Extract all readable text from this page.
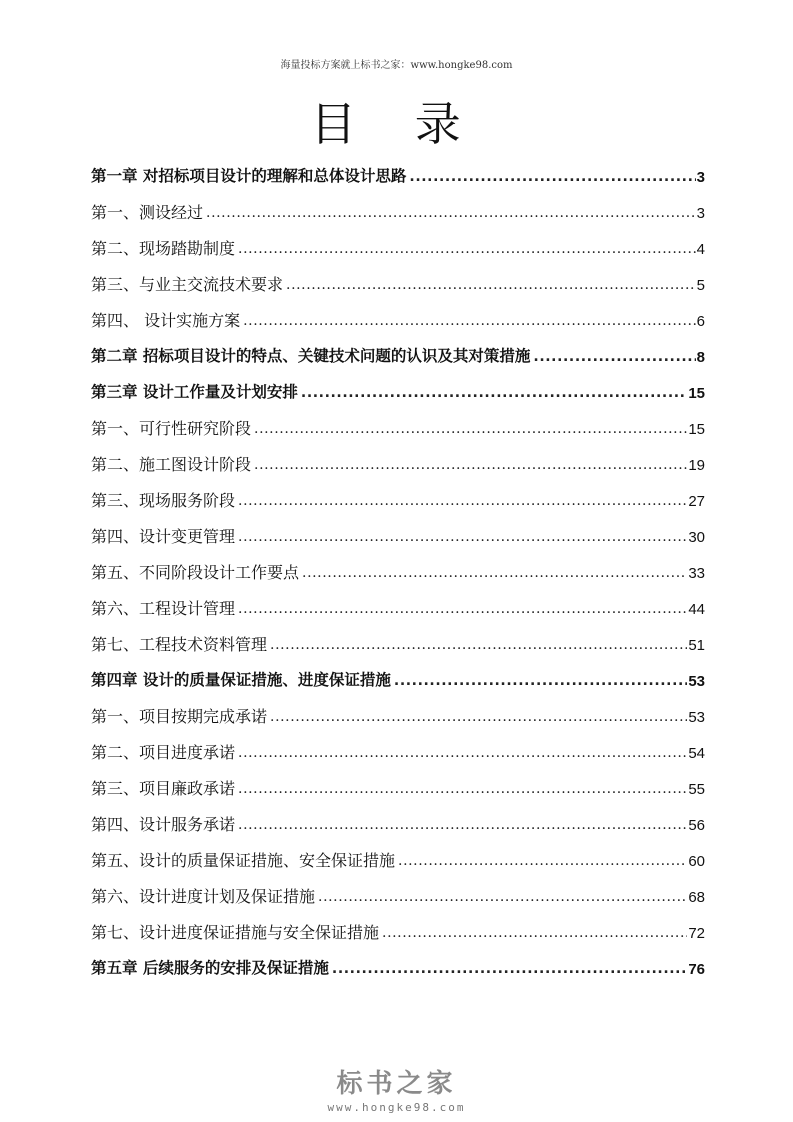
海量投标方案就上标书之家：www.hongke98.com
目 录
第一章 对招标项目设计的理解和总体设计思路 .....	3
第一、测设经过 .....	3
第二、现场踏勘制度 .....	4
第三、与业主交流技术要求 .....	5
第四、 设计实施方案 .....	6
第二章 招标项目设计的特点、关键技术问题的认识及其对策措施 .....	8
第三章 设计工作量及计划安排 .....	15
第一、可行性研究阶段 .....	15
第二、施工图设计阶段 .....	19
第三、现场服务阶段 .....	27
第四、设计变更管理 .....	30
第五、不同阶段设计工作要点 .....	33
第六、工程设计管理 .....	44
第七、工程技术资料管理 .....	51
第四章 设计的质量保证措施、进度保证措施 .....	53
第一、项目按期完成承诺 .....	53
第二、项目进度承诺 .....	54
第三、项目廉政承诺 .....	55
第四、设计服务承诺 .....	56
第五、设计的质量保证措施、安全保证措施 .....	60
第六、设计进度计划及保证措施 .....	68
第七、设计进度保证措施与安全保证措施 .....	72
第五章 后续服务的安排及保证措施 .....	76
标书之家
www.hongke98.com
